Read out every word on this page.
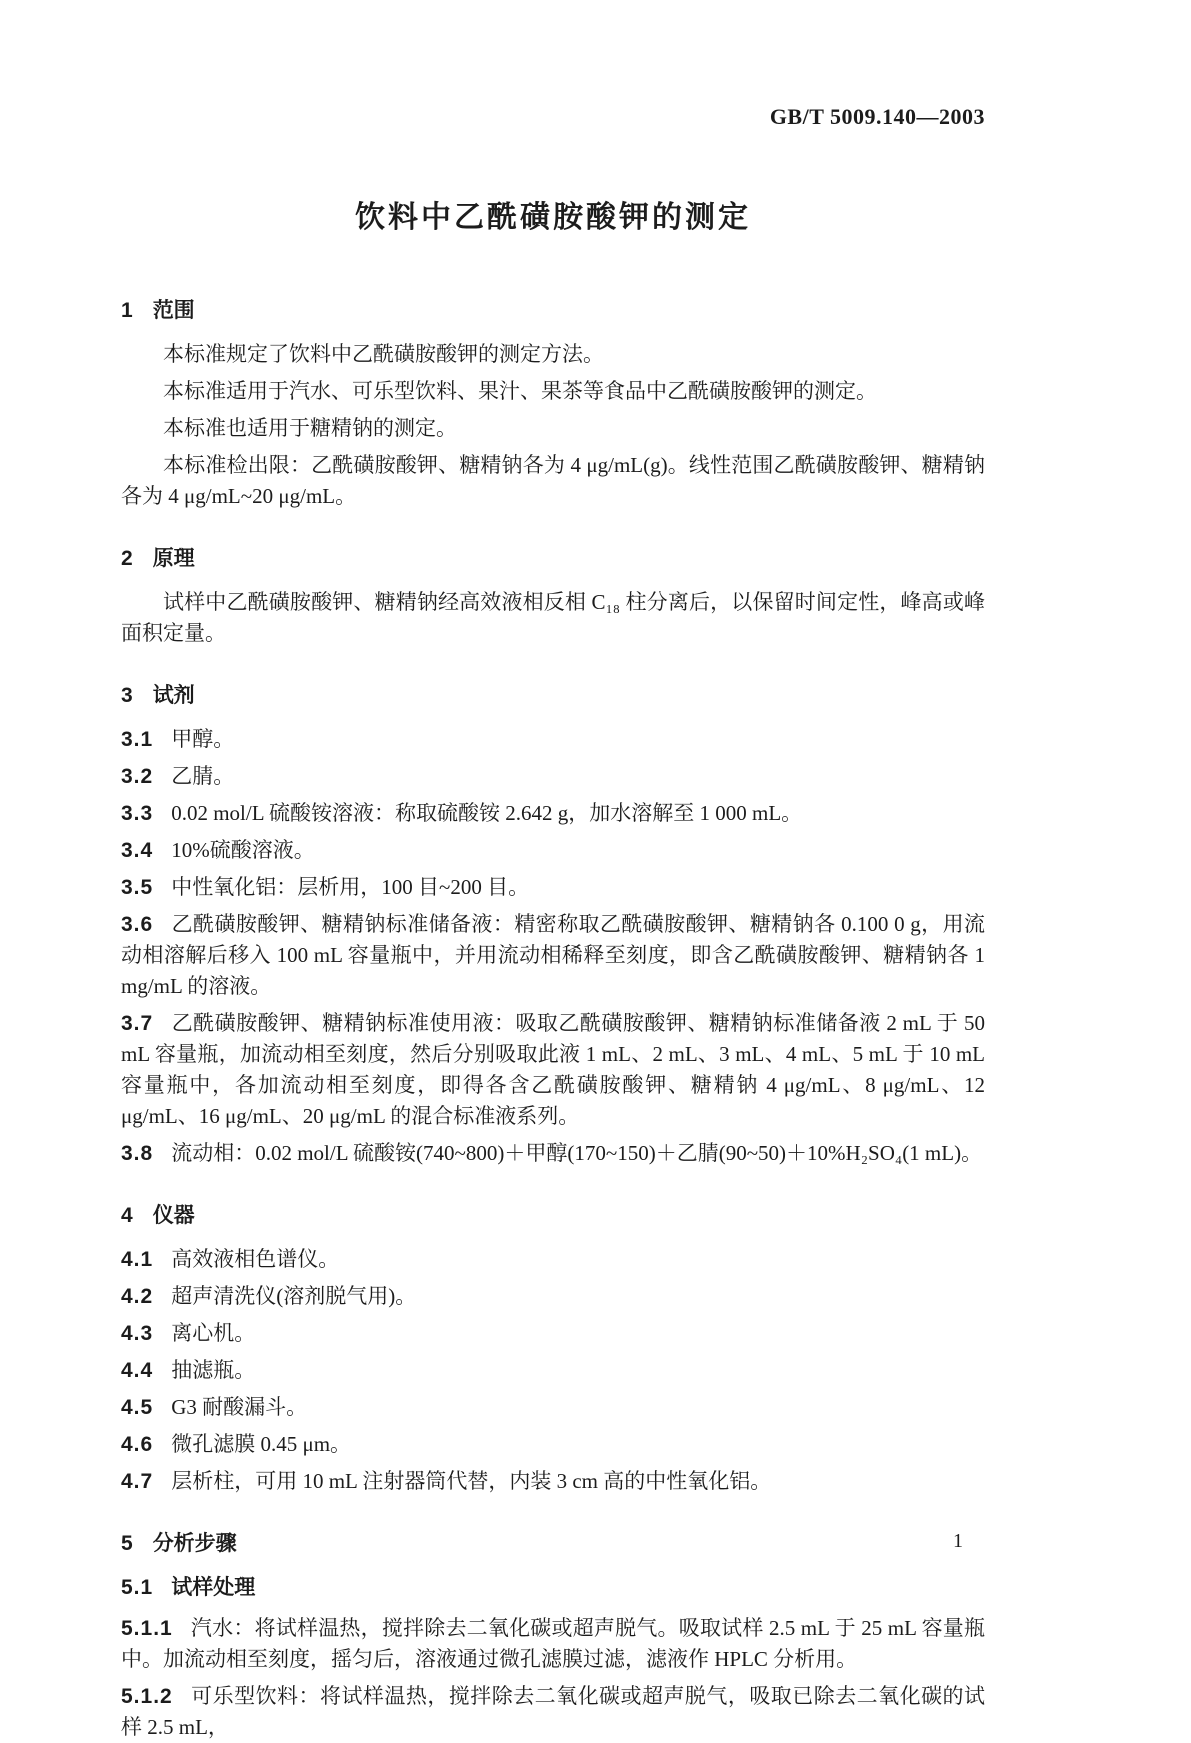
GB/T 5009.140—2003
饮料中乙酰磺胺酸钾的测定
1 范围

本标准规定了饮料中乙酰磺胺酸钾的测定方法。

本标准适用于汽水、可乐型饮料、果汁、果茶等食品中乙酰磺胺酸钾的测定。

本标准也适用于糖精钠的测定。

本标准检出限：乙酰磺胺酸钾、糖精钠各为 4 μg/mL(g)。线性范围乙酰磺胺酸钾、糖精钠各为 4 μg/mL~20 μg/mL。

2 原理

试样中乙酰磺胺酸钾、糖精钠经高效液相反相 C₁₈ 柱分离后，以保留时间定性，峰高或峰面积定量。

3 试剂

3.1 甲醇。

3.2 乙腈。

3.3 0.02 mol/L 硫酸铵溶液：称取硫酸铵 2.642 g，加水溶解至 1 000 mL。

3.4 10%硫酸溶液。

3.5 中性氧化铝：层析用，100 目~200 目。

3.6 乙酰磺胺酸钾、糖精钠标准储备液：精密称取乙酰磺胺酸钾、糖精钠各 0.100 0 g，用流动相溶解后移入 100 mL 容量瓶中，并用流动相稀释至刻度，即含乙酰磺胺酸钾、糖精钠各 1 mg/mL 的溶液。

3.7 乙酰磺胺酸钾、糖精钠标准使用液：吸取乙酰磺胺酸钾、糖精钠标准储备液 2 mL 于 50 mL 容量瓶，加流动相至刻度，然后分别吸取此液 1 mL、2 mL、3 mL、4 mL、5 mL 于 10 mL 容量瓶中，各加流动相至刻度，即得各含乙酰磺胺酸钾、糖精钠 4 μg/mL、8 μg/mL、12 μg/mL、16 μg/mL、20 μg/mL 的混合标准液系列。

3.8 流动相：0.02 mol/L 硫酸铵(740~800)＋甲醇(170~150)＋乙腈(90~50)＋10%H₂SO₄(1 mL)。

4 仪器

4.1 高效液相色谱仪。

4.2 超声清洗仪(溶剂脱气用)。

4.3 离心机。

4.4 抽滤瓶。

4.5 G3 耐酸漏斗。

4.6 微孔滤膜 0.45 μm。

4.7 层析柱，可用 10 mL 注射器筒代替，内装 3 cm 高的中性氧化铝。

5 分析步骤

5.1 试样处理

5.1.1 汽水：将试样温热，搅拌除去二氧化碳或超声脱气。吸取试样 2.5 mL 于 25 mL 容量瓶中。加流动相至刻度，摇匀后，溶液通过微孔滤膜过滤，滤液作 HPLC 分析用。

5.1.2 可乐型饮料：将试样温热，搅拌除去二氧化碳或超声脱气，吸取已除去二氧化碳的试样 2.5 mL，

1
